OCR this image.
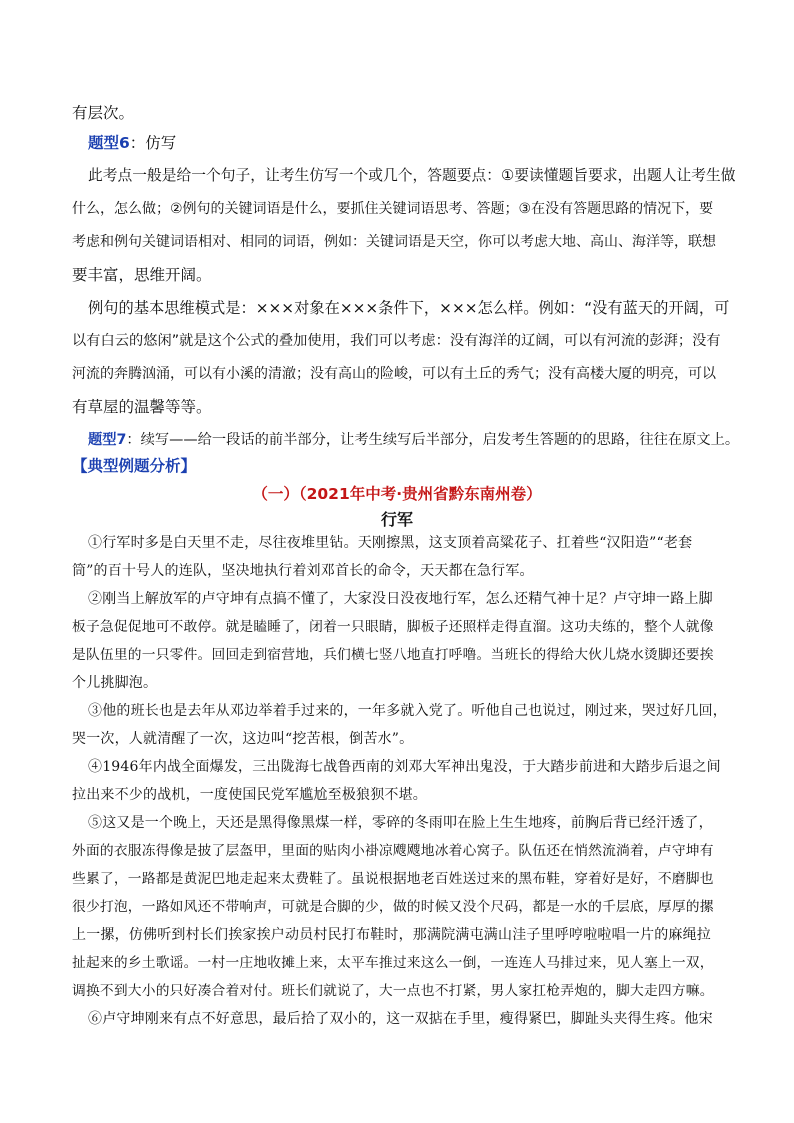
有层次。
题型6：仿写
此考点一般是给一个句子，让考生仿写一个或几个，答题要点：①要读懂题旨要求，出题人让考生做
什么，怎么做；②例句的关键词语是什么，要抓住关键词语思考、答题；③在没有答题思路的情况下，要
考虑和例句关键词语相对、相同的词语，例如：关键词语是天空，你可以考虑大地、高山、海洋等，联想
要丰富，思维开阔。
例句的基本思维模式是：×××对象在×××条件下，×××怎么样。例如：“没有蓝天的开阔，可
以有白云的悠闲”就是这个公式的叠加使用，我们可以考虑：没有海洋的辽阔，可以有河流的彭湃；没有
河流的奔腾汹涌，可以有小溪的清澈；没有高山的险峻，可以有土丘的秀气；没有高楼大厦的明亮，可以
有草屋的温馨等等。
题型7：续写——给一段话的前半部分，让考生续写后半部分，启发考生答题的的思路，往往在原文上。
【典型例题分析】
（一）（2021年中考·贵州省黔东南州卷）
行军
①行军时多是白天里不走，尽往夜堆里钻。天刚擦黑，这支顶着高粱花子、扛着些“汉阳造”“老套
筒”的百十号人的连队，坚决地执行着刘邓首长的命令，天天都在急行军。
②刚当上解放军的卢守坤有点搞不懂了，大家没日没夜地行军，怎么还精气神十足？卢守坤一路上脚
板子急促促地可不敢停。就是瞌睡了，闭着一只眼睛，脚板子还照样走得直溜。这功夫练的，整个人就像
是队伍里的一只零件。回回走到宿营地，兵们横七竖八地直打呼噜。当班长的得给大伙儿烧水烫脚还要挨
个儿挑脚泡。
③他的班长也是去年从邓边举着手过来的，一年多就入党了。听他自己也说过，刚过来，哭过好几回，
哭一次，人就清醒了一次，这边叫“挖苦根，倒苦水”。
④1946年内战全面爆发，三出陇海七战鲁西南的刘邓大军神出鬼没，于大踏步前进和大踏步后退之间
拉出来不少的战机，一度使国民党军尴尬至极狼狈不堪。
⑤这又是一个晚上，天还是黑得像黑煤一样，零碎的冬雨叩在脸上生生地疼，前胸后背已经汗透了，
外面的衣服冻得像是披了层盔甲，里面的贴肉小褂凉飕飕地冰着心窝子。队伍还在悄然流淌着，卢守坤有
些累了，一路都是黄泥巴地走起来太费鞋了。虽说根据地老百姓送过来的黑布鞋，穿着好是好，不磨脚也
很少打泡，一路如风还不带响声，可就是合脚的少，做的时候又没个尺码，都是一水的千层底，厚厚的摞
上一摞，仿佛听到村长们挨家挨户动员村民打布鞋时，那满院满屯满山洼子里呼哼啦啦唱一片的麻绳拉
扯起来的乡土歌谣。一村一庄地收摊上来，太平车推过来这么一倒，一连连人马排过来，见人塞上一双，
调换不到大小的只好凑合着对付。班长们就说了，大一点也不打紧，男人家扛枪弄炮的，脚大走四方嘛。
⑥卢守坤刚来有点不好意思，最后拾了双小的，这一双掂在手里，瘦得紧巴，脚趾头夹得生疼。他宋
